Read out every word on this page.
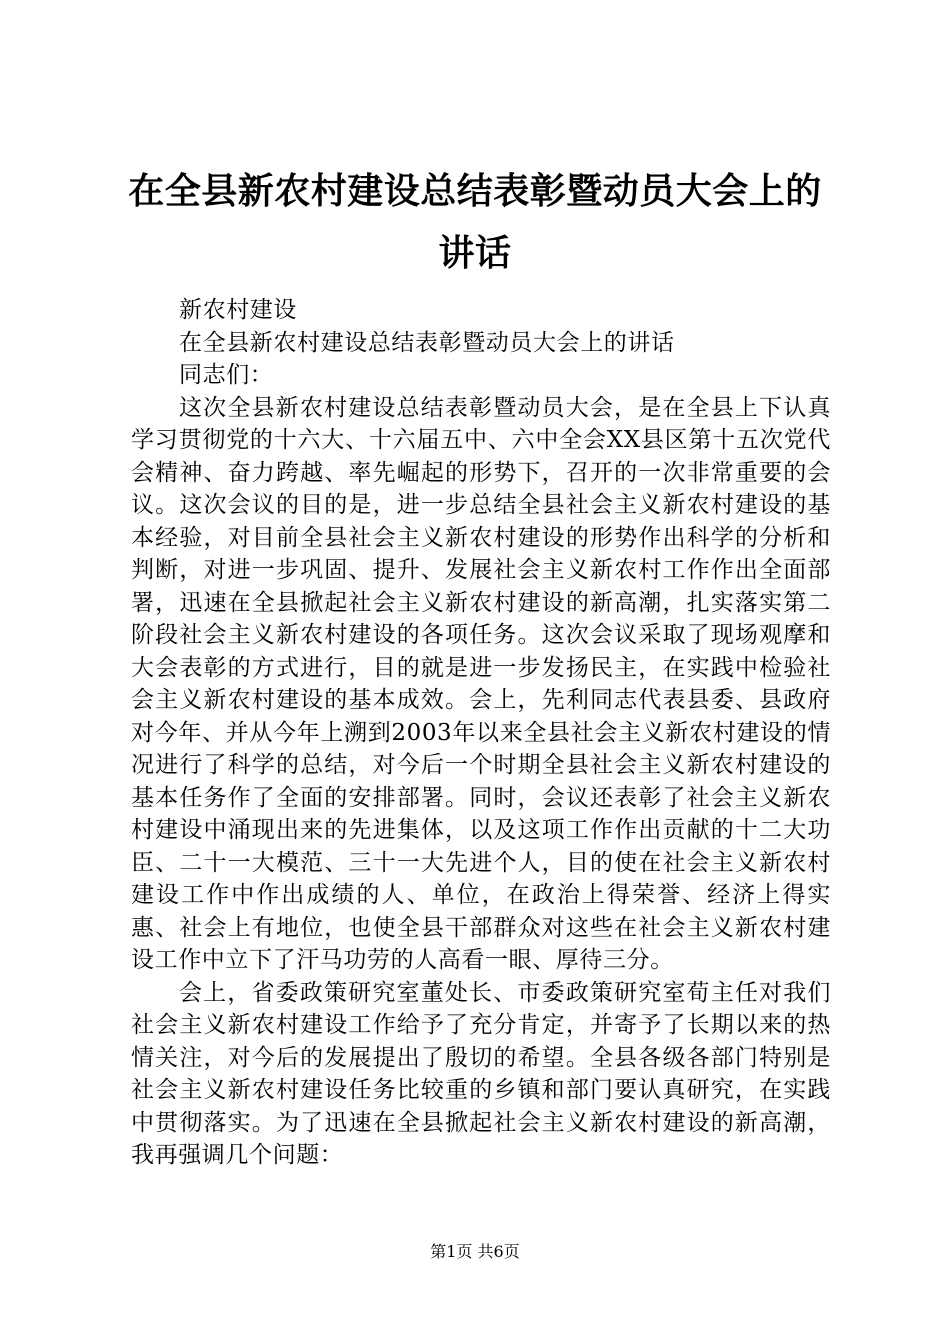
在全县新农村建设总结表彰暨动员大会上的讲话

新农村建设

在全县新农村建设总结表彰暨动员大会上的讲话

同志们：

这次全县新农村建设总结表彰暨动员大会，是在全县上下认真学习贯彻党的十六大、十六届五中、六中全会XX县区第十五次党代会精神、奋力跨越、率先崛起的形势下，召开的一次非常重要的会议。这次会议的目的是，进一步总结全县社会主义新农村建设的基本经验，对目前全县社会主义新农村建设的形势作出科学的分析和判断，对进一步巩固、提升、发展社会主义新农村工作作出全面部署，迅速在全县掀起社会主义新农村建设的新高潮，扎实落实第二阶段社会主义新农村建设的各项任务。这次会议采取了现场观摩和大会表彰的方式进行，目的就是进一步发扬民主，在实践中检验社会主义新农村建设的基本成效。会上，先利同志代表县委、县政府对今年、并从今年上溯到2003年以来全县社会主义新农村建设的情况进行了科学的总结，对今后一个时期全县社会主义新农村建设的基本任务作了全面的安排部署。同时，会议还表彰了社会主义新农村建设中涌现出来的先进集体，以及这项工作作出贡献的十二大功臣、二十一大模范、三十一大先进个人，目的使在社会主义新农村建设工作中作出成绩的人、单位，在政治上得荣誉、经济上得实惠、社会上有地位，也使全县干部群众对这些在社会主义新农村建设工作中立下了汗马功劳的人高看一眼、厚待三分。

会上，省委政策研究室董处长、市委政策研究室荀主任对我们社会主义新农村建设工作给予了充分肯定，并寄予了长期以来的热情关注，对今后的发展提出了殷切的希望。全县各级各部门特别是社会主义新农村建设任务比较重的乡镇和部门要认真研究，在实践中贯彻落实。为了迅速在全县掀起社会主义新农村建设的新高潮，我再强调几个问题：

第1页 共6页
